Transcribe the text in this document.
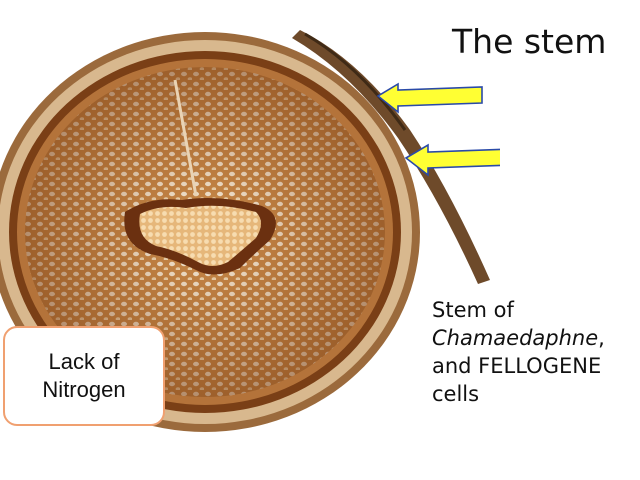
The stem
Stem of
Chamaedaphne, and FELLOGENE cells
Lack of
Nitrogen
